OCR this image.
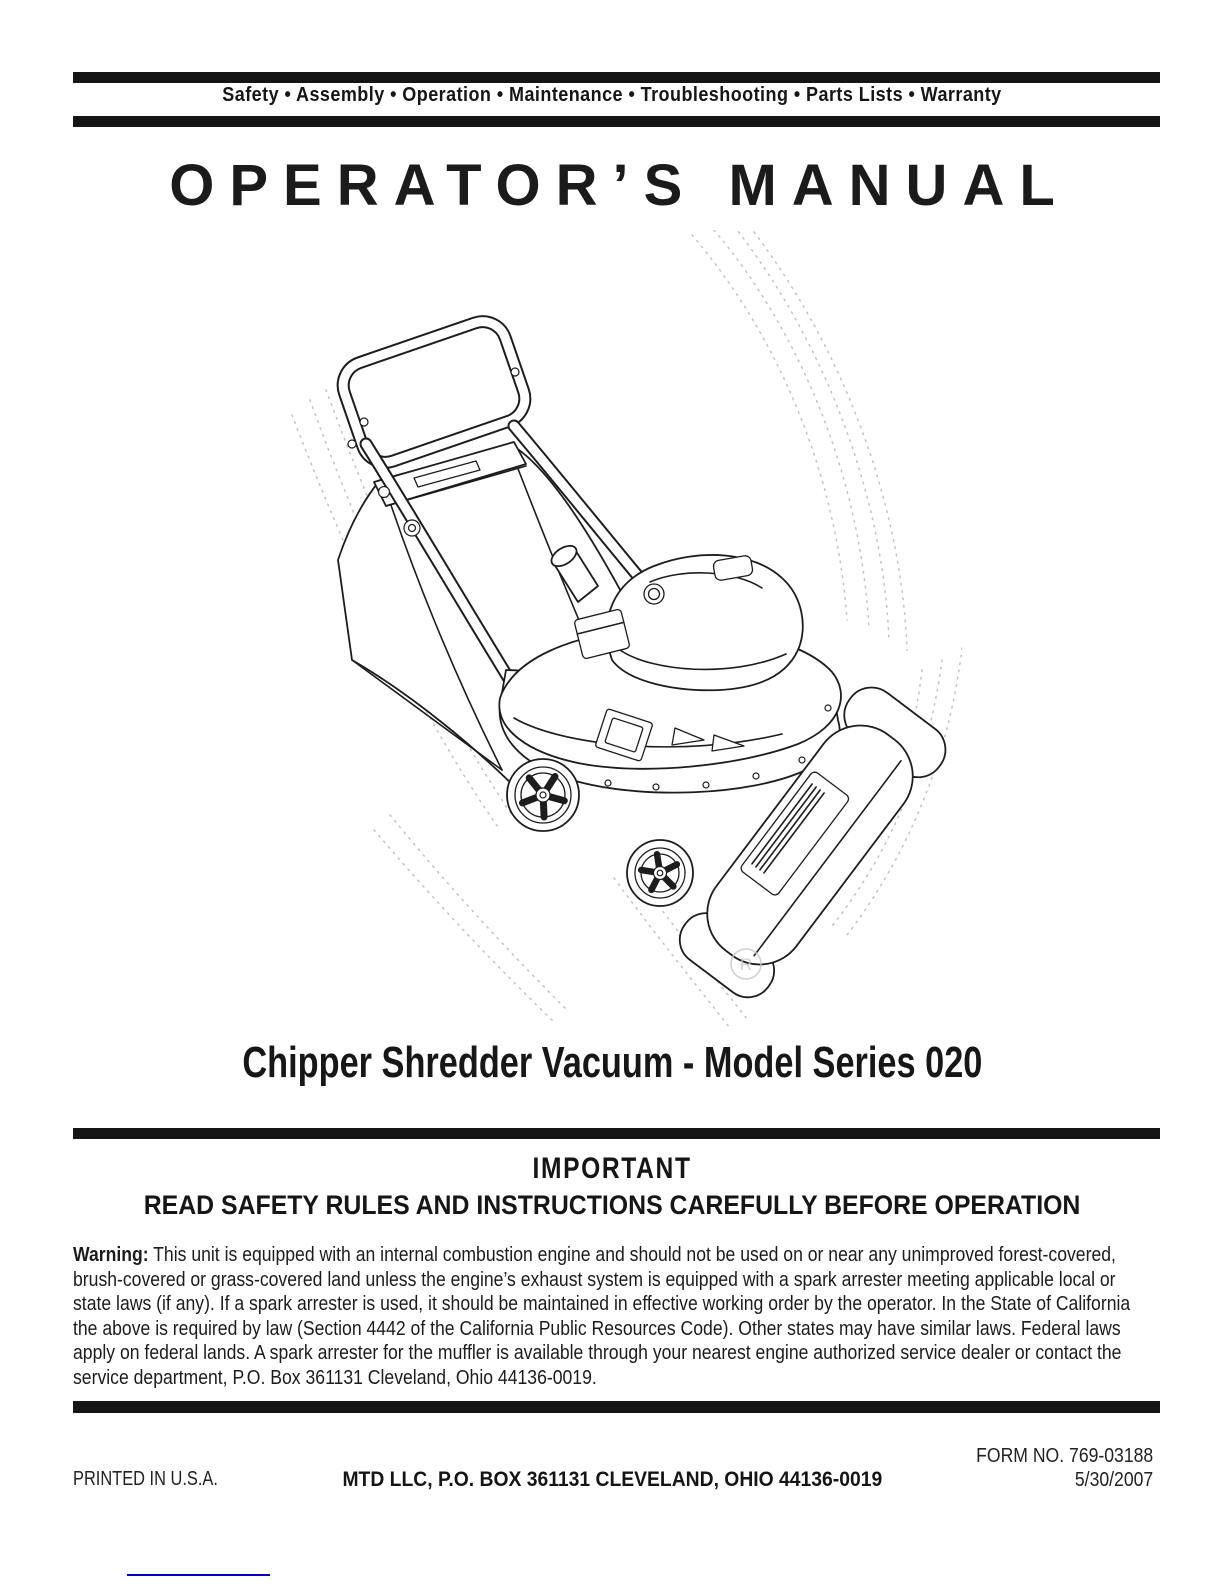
Safety • Assembly • Operation • Maintenance • Troubleshooting • Parts Lists • Warranty
OPERATOR’S MANUAL
R
Chipper Shredder Vacuum - Model Series 020
IMPORTANT
READ SAFETY RULES AND INSTRUCTIONS CAREFULLY BEFORE OPERATION
Warning: This unit is equipped with an internal combustion engine and should not be used on or near any unimproved forest-covered, brush-covered or grass-covered land unless the engine’s exhaust system is equipped with a spark arrester meeting applicable local or state laws (if any). If a spark arrester is used, it should be maintained in effective working order by the operator. In the State of California the above is required by law (Section 4442 of the California Public Resources Code). Other states may have similar laws. Federal laws apply on federal lands. A spark arrester for the muffler is available through your nearest engine authorized service dealer or contact the service department, P.O. Box 361131 Cleveland, Ohio 44136-0019.
PRINTED IN U.S.A.	MTD LLC, P.O. BOX 361131 CLEVELAND, OHIO 44136-0019
FORM NO. 769-03188
5/30/2007
